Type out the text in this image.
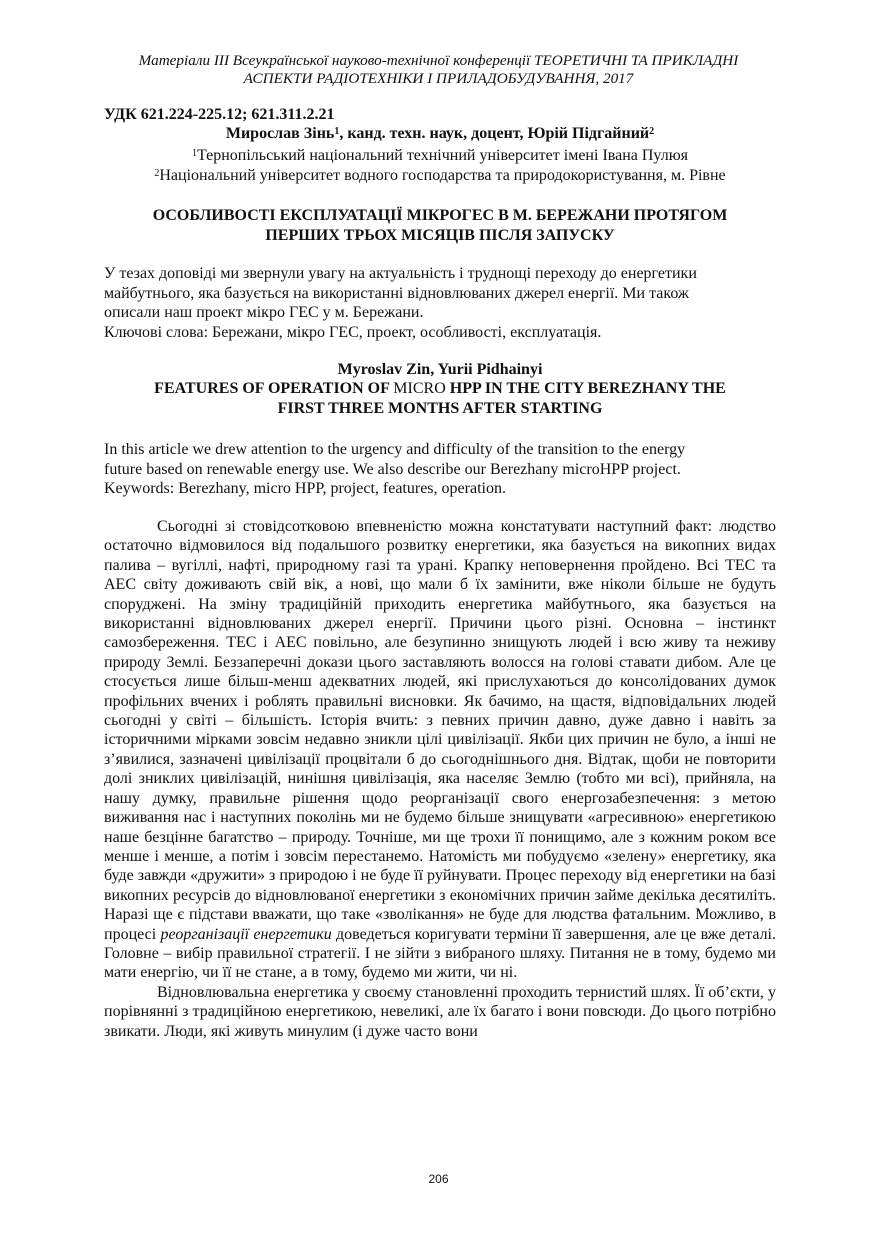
Матеріали ІІІ Всеукраїнської науково-технічної конференції ТЕОРЕТИЧНІ ТА ПРИКЛАДНІ
АСПЕКТИ РАДІОТЕХНІКИ І ПРИЛАДОБУДУВАННЯ, 2017
УДК 621.224-225.12; 621.311.2.21
Мирослав Зінь$^1$, канд. техн. наук, доцент, Юрій Підгайний$^2$
$^1$Тернопільський національний технічний університет імені Івана Пулюя
$^2$Національний університет водного господарства та природокористування, м. Рівне
ОСОБЛИВОСТІ ЕКСПЛУАТАЦІЇ МІКРОГЕС В М. БЕРЕЖАНИ ПРОТЯГОМ
ПЕРШИХ ТРЬОХ МІСЯЦІВ ПІСЛЯ ЗАПУСКУ
У тезах доповіді ми звернули увагу на актуальність і труднощі переходу до енергетики
майбутнього, яка базується на використанні відновлюваних джерел енергії. Ми також
описали наш проект мікро ГЕС у м. Бережани.
Ключові слова: Бережани, мікро ГЕС, проект, особливості, експлуатація.
Myroslav Zin, Yurii Pidhainyi
FEATURES OF OPERATION OF MICRO HPP IN THE CITY BEREZHANY THE
FIRST THREE MONTHS AFTER STARTING
In this article we drew attention to the urgency and difficulty of the transition to the energy
future based on renewable energy use. We also describe our Berezhany microHPP project.
Keywords: Berezhany, micro HPP, project, features, operation.

Сьогодні зі стовідсотковою впевненістю можна констатувати наступний факт: людство остаточно відмовилося від подальшого розвитку енергетики, яка базується на викопних видах палива – вугіллі, нафті, природному газі та урані. Крапку неповернення пройдено. Всі ТЕС та АЕС світу доживають свій вік, а нові, що мали б їх замінити, вже ніколи більше не будуть споруджені. На зміну традиційній приходить енергетика майбутнього, яка базується на використанні відновлюваних джерел енергії. Причини цього різні. Основна – інстинкт самозбереження. ТЕС і АЕС повільно, але безупинно знищують людей і всю живу та неживу природу Землі. Беззаперечні докази цього заставляють волосся на голові ставати дибом. Але це стосується лише більш-менш адекватних людей, які прислухаються до консолідованих думок профільних вчених і роблять правильні висновки. Як бачимо, на щастя, відповідальних людей сьогодні у світі – більшість. Історія вчить: з певних причин давно, дуже давно і навіть за історичними мірками зовсім недавно зникли цілі цивілізації. Якби цих причин не було, а інші не з’явилися, зазначені цивілізації процвітали б до сьогоднішнього дня. Відтак, щоби не повторити долі зниклих цивілізацій, нинішня цивілізація, яка населяє Землю (тобто ми всі), прийняла, на нашу думку, правильне рішення щодо реорганізації свого енергозабезпечення: з метою виживання нас і наступних поколінь ми не будемо більше знищувати «агресивною» енергетикою наше безцінне багатство – природу. Точніше, ми ще трохи її понищимо, але з кожним роком все менше і менше, а потім і зовсім перестанемо. Натомість ми побудуємо «зелену» енергетику, яка буде завжди «дружити» з природою і не буде її руйнувати. Процес переходу від енергетики на базі викопних ресурсів до відновлюваної енергетики з економічних причин займе декілька десятиліть. Наразі ще є підстави вважати, що таке «зволікання» не буде для людства фатальним. Можливо, в процесі реорганізації енергетики доведеться коригувати терміни її завершення, але це вже деталі. Головне – вибір правильної стратегії. І не зійти з вибраного шляху. Питання не в тому, будемо ми мати енергію, чи її не стане, а в тому, будемо ми жити, чи ні.

Відновлювальна енергетика у своєму становленні проходить тернистий шлях. Її об’єкти, у порівнянні з традиційною енергетикою, невеликі, але їх багато і вони повсюди. До цього потрібно звикати. Люди, які живуть минулим (і дуже часто вони

206
